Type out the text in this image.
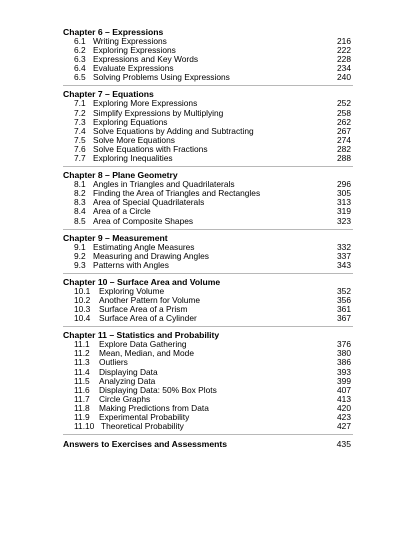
Chapter 6 – Expressions
6.1 Writing Expressions	216
6.2 Exploring Expressions	222
6.3 Expressions and Key Words	228
6.4 Evaluate Expressions	234
6.5 Solving Problems Using Expressions	240
Chapter 7 – Equations
7.1 Exploring More Expressions	252
7.2 Simplify Expressions by Multiplying	258
7.3 Exploring Equations	262
7.4 Solve Equations by Adding and Subtracting	267
7.5 Solve More Equations	274
7.6 Solve Equations with Fractions	282
7.7 Exploring Inequalities	288
Chapter 8 – Plane Geometry
8.1 Angles in Triangles and Quadrilaterals	296
8.2 Finding the Area of Triangles and Rectangles	305
8.3 Area of Special Quadrilaterals	313
8.4 Area of a Circle	319
8.5 Area of Composite Shapes	323
Chapter 9 – Measurement
9.1 Estimating Angle Measures	332
9.2 Measuring and Drawing Angles	337
9.3 Patterns with Angles	343
Chapter 10 – Surface Area and Volume
10.1 Exploring Volume	352
10.2 Another Pattern for Volume	356
10.3 Surface Area of a Prism	361
10.4 Surface Area of a Cylinder	367
Chapter 11 – Statistics and Probability
11.1 Explore Data Gathering	376
11.2 Mean, Median, and Mode	380
11.3 Outliers	386
11.4 Displaying Data	393
11.5 Analyzing Data	399
11.6 Displaying Data: 50% Box Plots	407
11.7 Circle Graphs	413
11.8 Making Predictions from Data	420
11.9 Experimental Probability	423
11.10 Theoretical Probability	427
Answers to Exercises and Assessments	435
